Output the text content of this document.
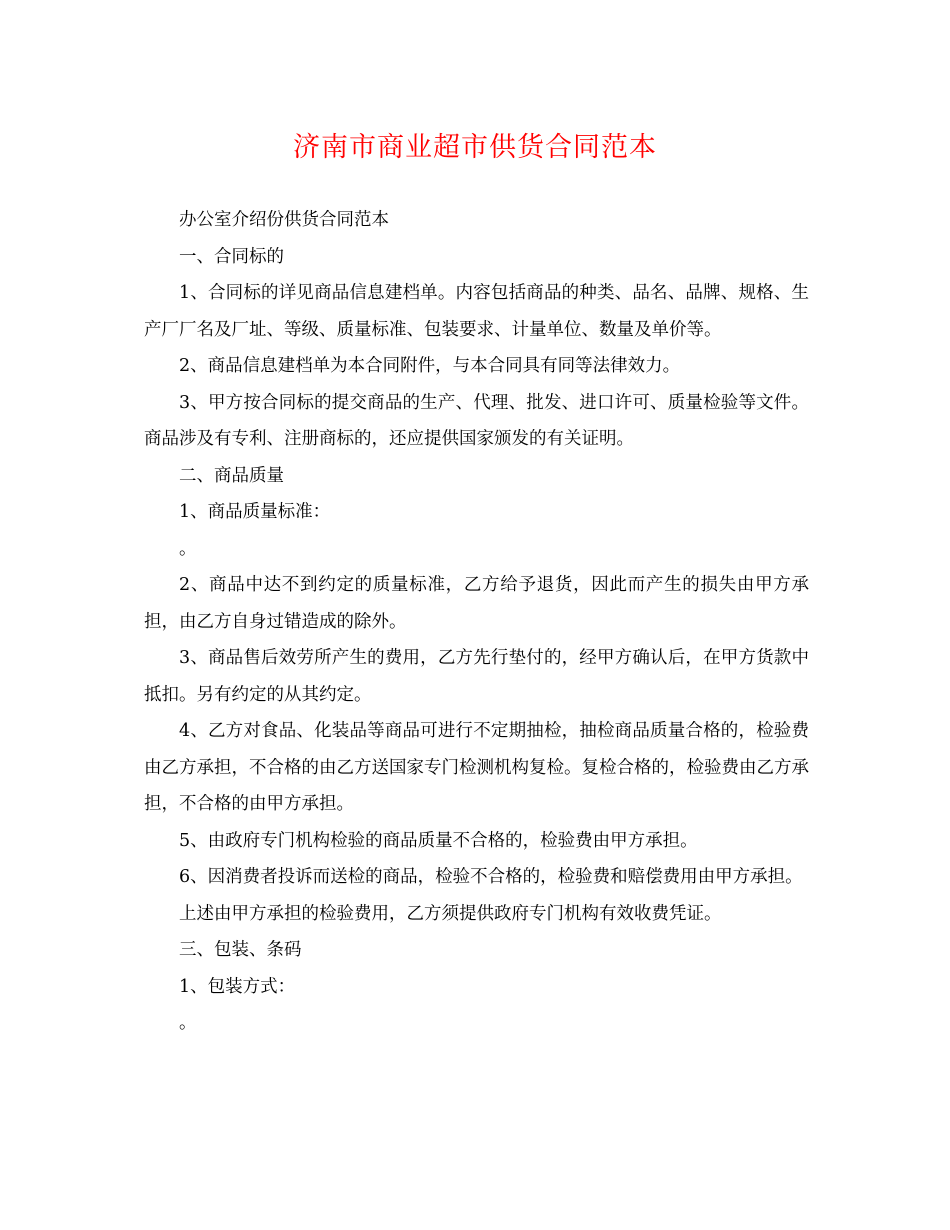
济南市商业超市供货合同范本

办公室介绍份供货合同范本

一、合同标的

1、合同标的详见商品信息建档单。内容包括商品的种类、品名、品牌、规格、生产厂厂名及厂址、等级、质量标准、包装要求、计量单位、数量及单价等。

2、商品信息建档单为本合同附件，与本合同具有同等法律效力。

3、甲方按合同标的提交商品的生产、代理、批发、进口许可、质量检验等文件。商品涉及有专利、注册商标的，还应提供国家颁发的有关证明。

二、商品质量

1、商品质量标准：

。

2、商品中达不到约定的质量标准，乙方给予退货，因此而产生的损失由甲方承担，由乙方自身过错造成的除外。

3、商品售后效劳所产生的费用，乙方先行垫付的，经甲方确认后，在甲方货款中抵扣。另有约定的从其约定。

4、乙方对食品、化装品等商品可进行不定期抽检，抽检商品质量合格的，检验费由乙方承担，不合格的由乙方送国家专门检测机构复检。复检合格的，检验费由乙方承担，不合格的由甲方承担。

5、由政府专门机构检验的商品质量不合格的，检验费由甲方承担。

6、因消费者投诉而送检的商品，检验不合格的，检验费和赔偿费用由甲方承担。

上述由甲方承担的检验费用，乙方须提供政府专门机构有效收费凭证。

三、包装、条码

1、包装方式：

。
